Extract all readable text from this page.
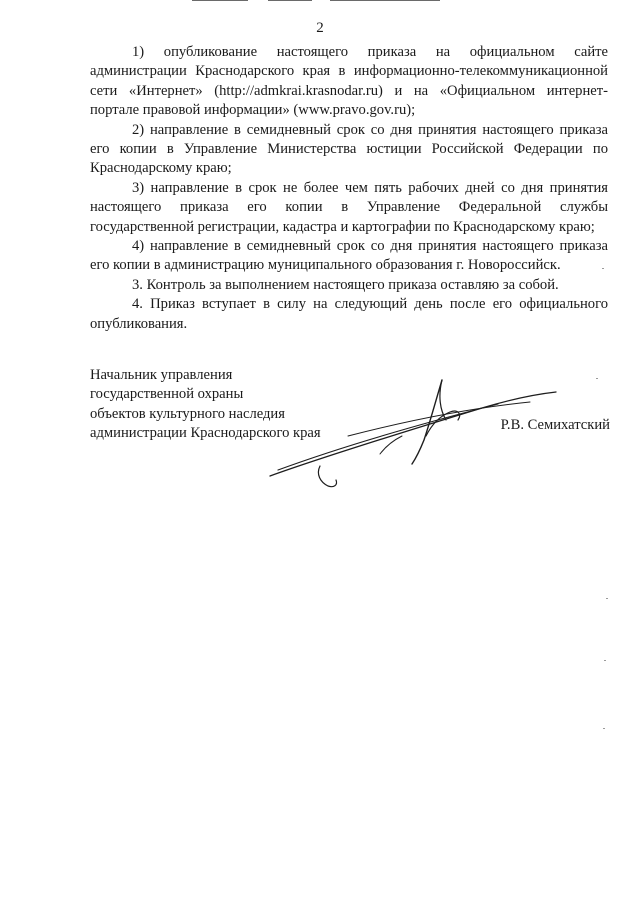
2

1) опубликование настоящего приказа на официальном сайте администрации Краснодарского края в информационно-телекоммуникационной сети «Интернет» (http://admkrai.krasnodar.ru) и на «Официальном интернет-портале правовой информации» (www.pravo.gov.ru);

2) направление в семидневный срок со дня принятия настоящего приказа его копии в Управление Министерства юстиции Российской Федерации по Краснодарскому краю;

3) направление в срок не более чем пять рабочих дней со дня принятия настоящего приказа его копии в Управление Федеральной службы государственной регистрации, кадастра и картографии по Краснодарскому краю;

4) направление в семидневный срок со дня принятия настоящего приказа его копии в администрацию муниципального образования г. Новороссийск.

3. Контроль за выполнением настоящего приказа оставляю за собой.

4. Приказ вступает в силу на следующий день после его официального опубликования.

Начальник управления
государственной охраны
объектов культурного наследия
администрации Краснодарского края
Р.В. Семихатский
